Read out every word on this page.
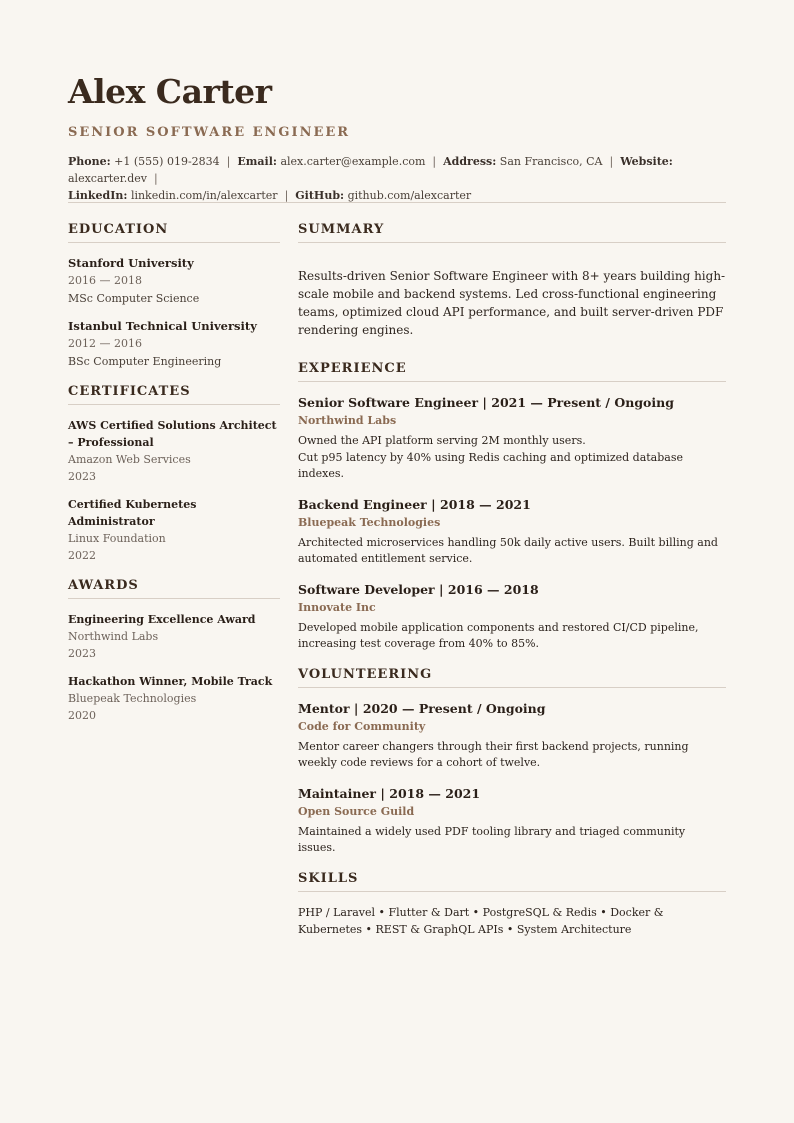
Alex Carter
SENIOR SOFTWARE ENGINEER
Phone: +1 (555) 019-2834 | Email: alex.carter@example.com | Address: San Francisco, CA | Website: alexcarter.dev |
LinkedIn: linkedin.com/in/alexcarter | GitHub: github.com/alexcarter
EDUCATION
Stanford University
2016 — 2018
MSc Computer Science
Istanbul Technical University
2012 — 2016
BSc Computer Engineering
CERTIFICATES
AWS Certified Solutions Architect – Professional
Amazon Web Services
2023
Certified Kubernetes Administrator
Linux Foundation
2022
AWARDS
Engineering Excellence Award
Northwind Labs
2023
Hackathon Winner, Mobile Track
Bluepeak Technologies
2020
SUMMARY

Results-driven Senior Software Engineer with 8+ years building high-scale mobile and backend systems. Led cross-functional engineering teams, optimized cloud API performance, and built server-driven PDF rendering engines.

EXPERIENCE
Senior Software Engineer | 2021 — Present / Ongoing
Northwind Labs
Owned the API platform serving 2M monthly users.
Cut p95 latency by 40% using Redis caching and optimized database indexes.
Backend Engineer | 2018 — 2021
Bluepeak Technologies
Architected microservices handling 50k daily active users. Built billing and automated entitlement service.
Software Developer | 2016 — 2018
Innovate Inc
Developed mobile application components and restored CI/CD pipeline, increasing test coverage from 40% to 85%.
VOLUNTEERING
Mentor | 2020 — Present / Ongoing
Code for Community
Mentor career changers through their first backend projects, running weekly code reviews for a cohort of twelve.
Maintainer | 2018 — 2021
Open Source Guild
Maintained a widely used PDF tooling library and triaged community issues.
SKILLS
PHP / Laravel • Flutter & Dart • PostgreSQL & Redis • Docker & Kubernetes • REST & GraphQL APIs • System Architecture
